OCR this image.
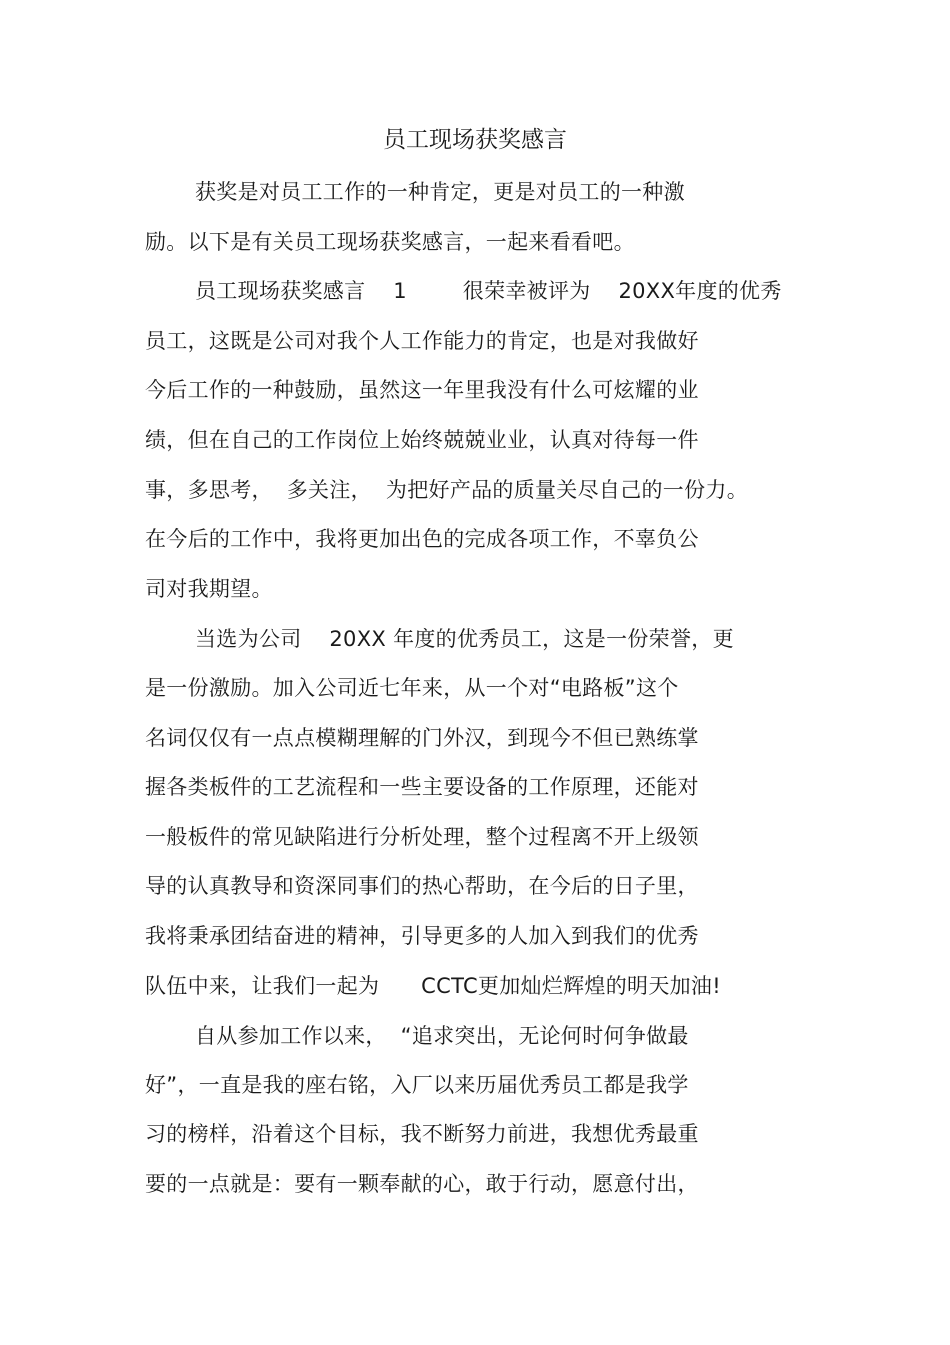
员工现场获奖感言
获奖是对员工工作的一种肯定，更是对员工的一种激
励。以下是有关员工现场获奖感言，一起来看看吧。
员工现场获奖感言    1        很荣幸被评为    20XX年度的优秀
员工，这既是公司对我个人工作能力的肯定，也是对我做好
今后工作的一种鼓励，虽然这一年里我没有什么可炫耀的业
绩，但在自己的工作岗位上始终兢兢业业，认真对待每一件
事，多思考，  多关注，  为把好产品的质量关尽自己的一份力。
在今后的工作中，我将更加出色的完成各项工作，不辜负公
司对我期望。
当选为公司    20XX 年度的优秀员工，这是一份荣誉，更
是一份激励。加入公司近七年来，从一个对“电路板”这个
名词仅仅有一点点模糊理解的门外汉，到现今不但已熟练掌
握各类板件的工艺流程和一些主要设备的工作原理，还能对
一般板件的常见缺陷进行分析处理，整个过程离不开上级领
导的认真教导和资深同事们的热心帮助，在今后的日子里，
我将秉承团结奋进的精神，引导更多的人加入到我们的优秀
队伍中来，让我们一起为      CCTC更加灿烂辉煌的明天加油!
自从参加工作以来，  “追求突出，无论何时何争做最
好”，一直是我的座右铭，入厂以来历届优秀员工都是我学
习的榜样，沿着这个目标，我不断努力前进，我想优秀最重
要的一点就是：要有一颗奉献的心，敢于行动，愿意付出，
